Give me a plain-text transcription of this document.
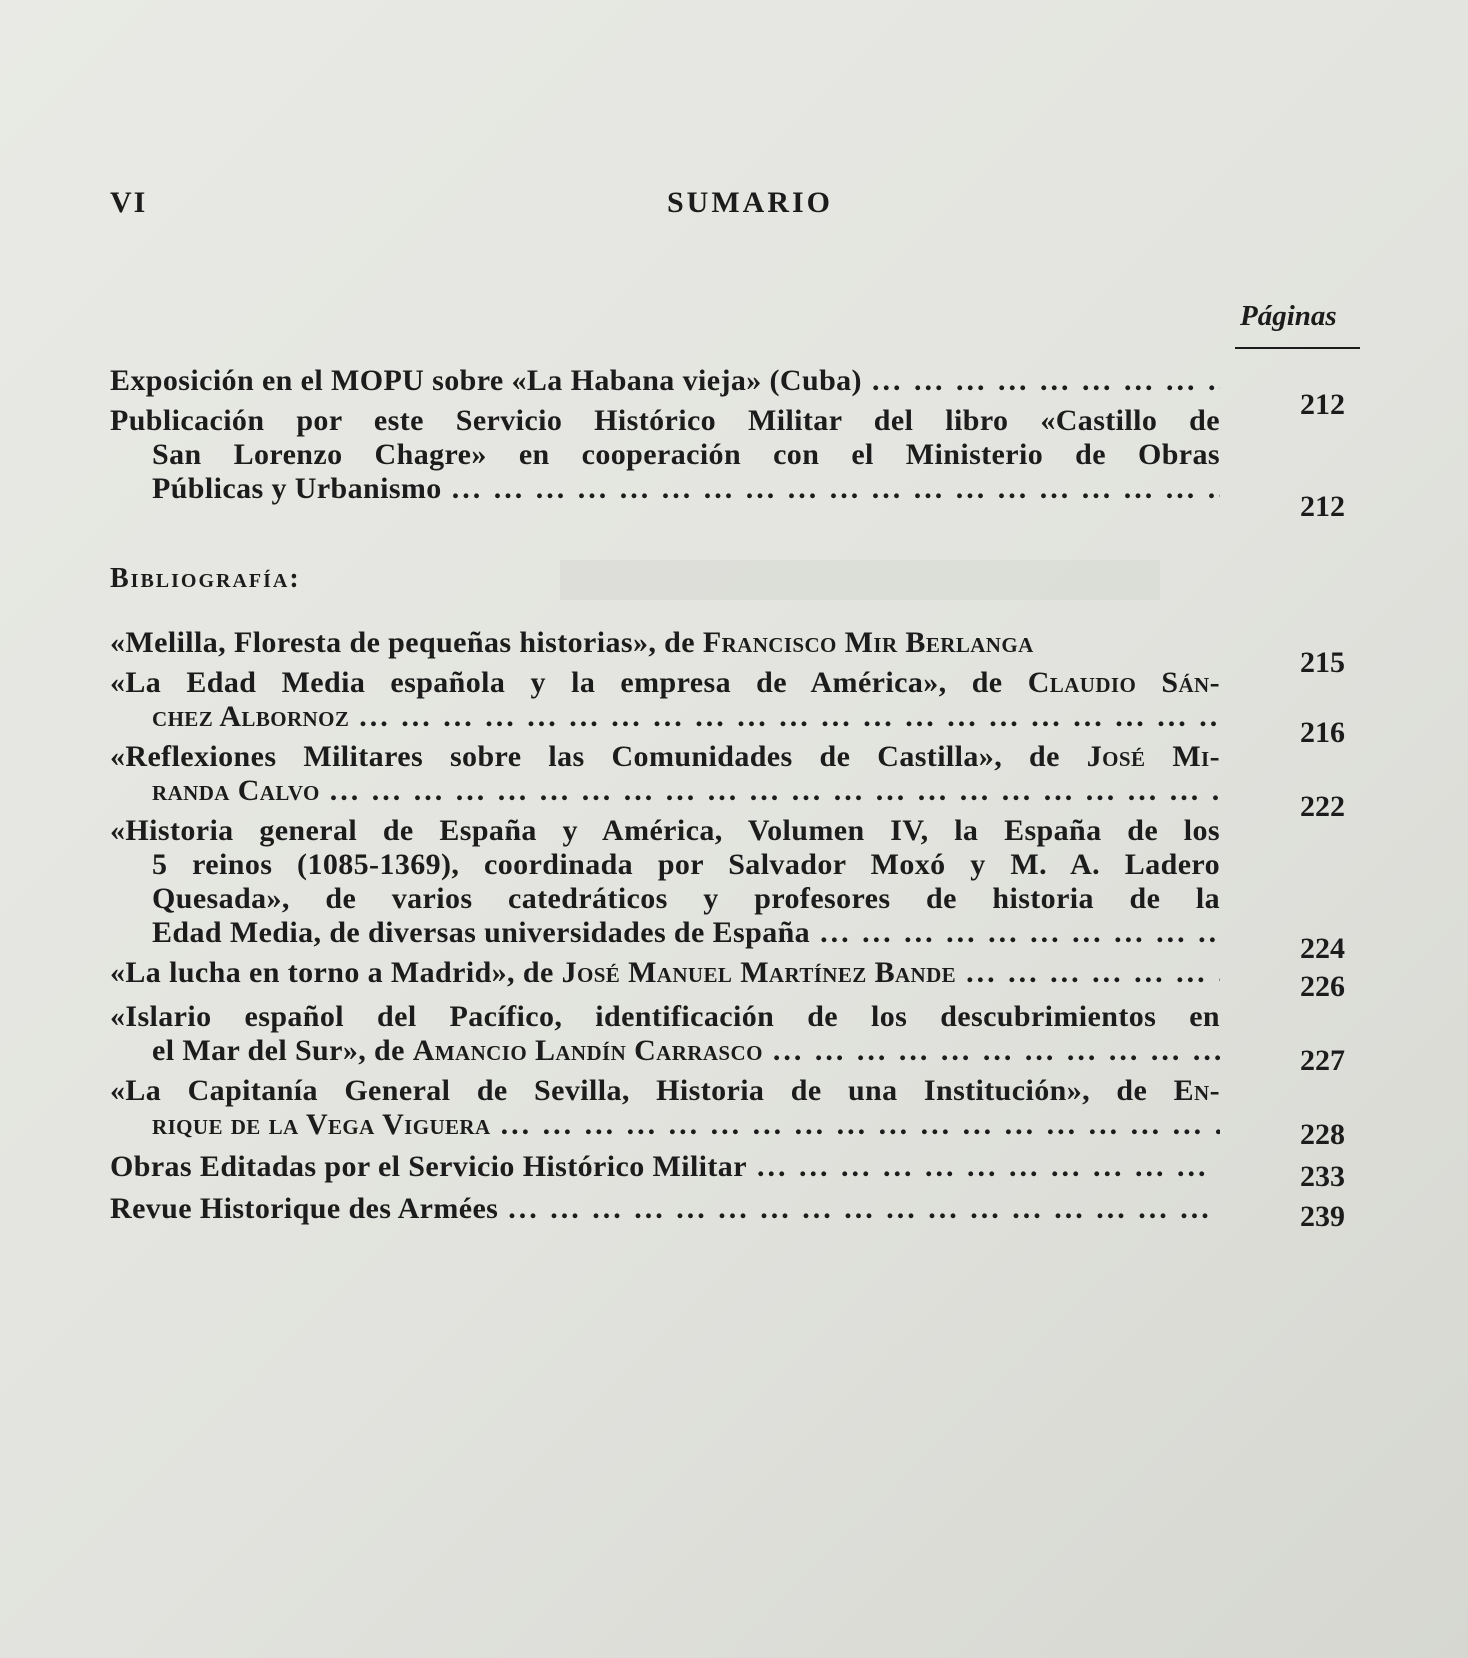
VI	SUMARIO
Páginas
Exposición en el MOPU sobre «La Habana vieja» (Cuba)
... .
212
Publicación por este Servicio Histórico Militar del libro «Castillo de
San Lorenzo Chagre» en cooperación con el Ministerio de Obras
Públicas y Urbanismo
... .
212
Bibliografía:
«Melilla, Floresta de pequeñas historias», de Francisco Mir Berlanga
215
«La Edad Media española y la empresa de América», de Claudio Sán-
chez Albornoz ... .	216
«Reflexiones Militares sobre las Comunidades de Castilla», de José Mi-
randa Calvo ... .	222
«Historia general de España y América, Volumen IV, la España de los
5 reinos (1085-1369), coordinada por Salvador Moxó y M. A. Ladero
Quesada», de varios catedráticos y profesores de historia de la
Edad Media, de diversas universidades de España ... .	224
«La lucha en torno a Madrid», de José Manuel Martínez Bande ... .	226
«Islario español del Pacífico, identificación de los descubrimientos en
el Mar del Sur», de Amancio Landín Carrasco ... .	227
«La Capitanía General de Sevilla, Historia de una Institución», de En-
rique de la Vega Viguera ... .	228
Obras Editadas por el Servicio Histórico Militar ... .	233
Revue Historique des Armées ... .	239
